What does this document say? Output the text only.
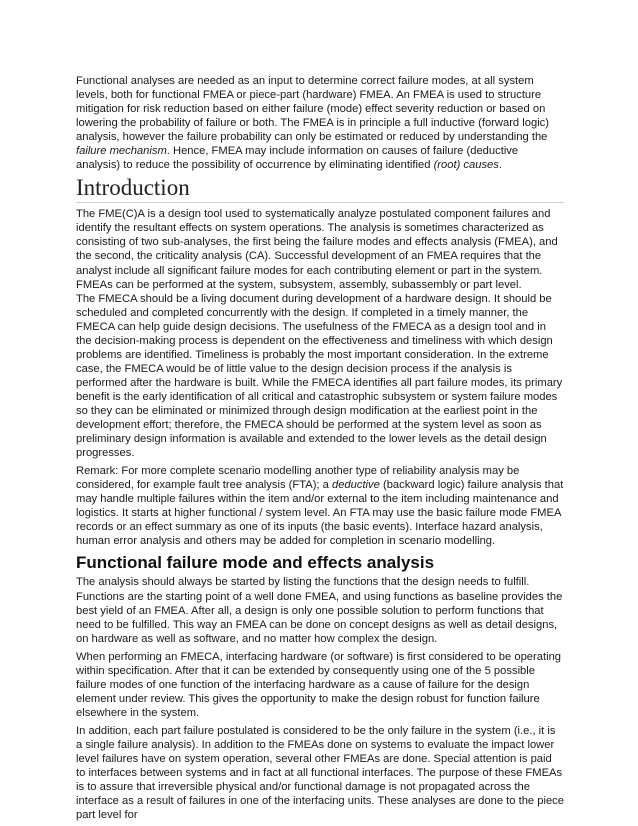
Functional analyses are needed as an input to determine correct failure modes, at all system levels, both for functional FMEA or piece-part (hardware) FMEA. An FMEA is used to structure mitigation for risk reduction based on either failure (mode) effect severity reduction or based on lowering the probability of failure or both. The FMEA is in principle a full inductive (forward logic) analysis, however the failure probability can only be estimated or reduced by understanding the failure mechanism. Hence, FMEA may include information on causes of failure (deductive analysis) to reduce the possibility of occurrence by eliminating identified (root) causes.

Introduction

The FME(C)A is a design tool used to systematically analyze postulated component failures and identify the resultant effects on system operations. The analysis is sometimes characterized as consisting of two sub-analyses, the first being the failure modes and effects analysis (FMEA), and the second, the criticality analysis (CA). Successful development of an FMEA requires that the analyst include all significant failure modes for each contributing element or part in the system. FMEAs can be performed at the system, subsystem, assembly, subassembly or part level.

The FMECA should be a living document during development of a hardware design. It should be scheduled and completed concurrently with the design. If completed in a timely manner, the FMECA can help guide design decisions. The usefulness of the FMECA as a design tool and in the decision-making process is dependent on the effectiveness and timeliness with which design problems are identified. Timeliness is probably the most important consideration. In the extreme case, the FMECA would be of little value to the design decision process if the analysis is performed after the hardware is built. While the FMECA identifies all part failure modes, its primary benefit is the early identification of all critical and catastrophic subsystem or system failure modes so they can be eliminated or minimized through design modification at the earliest point in the development effort; therefore, the FMECA should be performed at the system level as soon as preliminary design information is available and extended to the lower levels as the detail design progresses.

Remark: For more complete scenario modelling another type of reliability analysis may be considered, for example fault tree analysis (FTA); a deductive (backward logic) failure analysis that may handle multiple failures within the item and/or external to the item including maintenance and logistics. It starts at higher functional / system level. An FTA may use the basic failure mode FMEA records or an effect summary as one of its inputs (the basic events). Interface hazard analysis, human error analysis and others may be added for completion in scenario modelling.

Functional failure mode and effects analysis

The analysis should always be started by listing the functions that the design needs to fulfill. Functions are the starting point of a well done FMEA, and using functions as baseline provides the best yield of an FMEA. After all, a design is only one possible solution to perform functions that need to be fulfilled. This way an FMEA can be done on concept designs as well as detail designs, on hardware as well as software, and no matter how complex the design.

When performing an FMECA, interfacing hardware (or software) is first considered to be operating within specification. After that it can be extended by consequently using one of the 5 possible failure modes of one function of the interfacing hardware as a cause of failure for the design element under review. This gives the opportunity to make the design robust for function failure elsewhere in the system.

In addition, each part failure postulated is considered to be the only failure in the system (i.e., it is a single failure analysis). In addition to the FMEAs done on systems to evaluate the impact lower level failures have on system operation, several other FMEAs are done. Special attention is paid to interfaces between systems and in fact at all functional interfaces. The purpose of these FMEAs is to assure that irreversible physical and/or functional damage is not propagated across the interface as a result of failures in one of the interfacing units. These analyses are done to the piece part level for
